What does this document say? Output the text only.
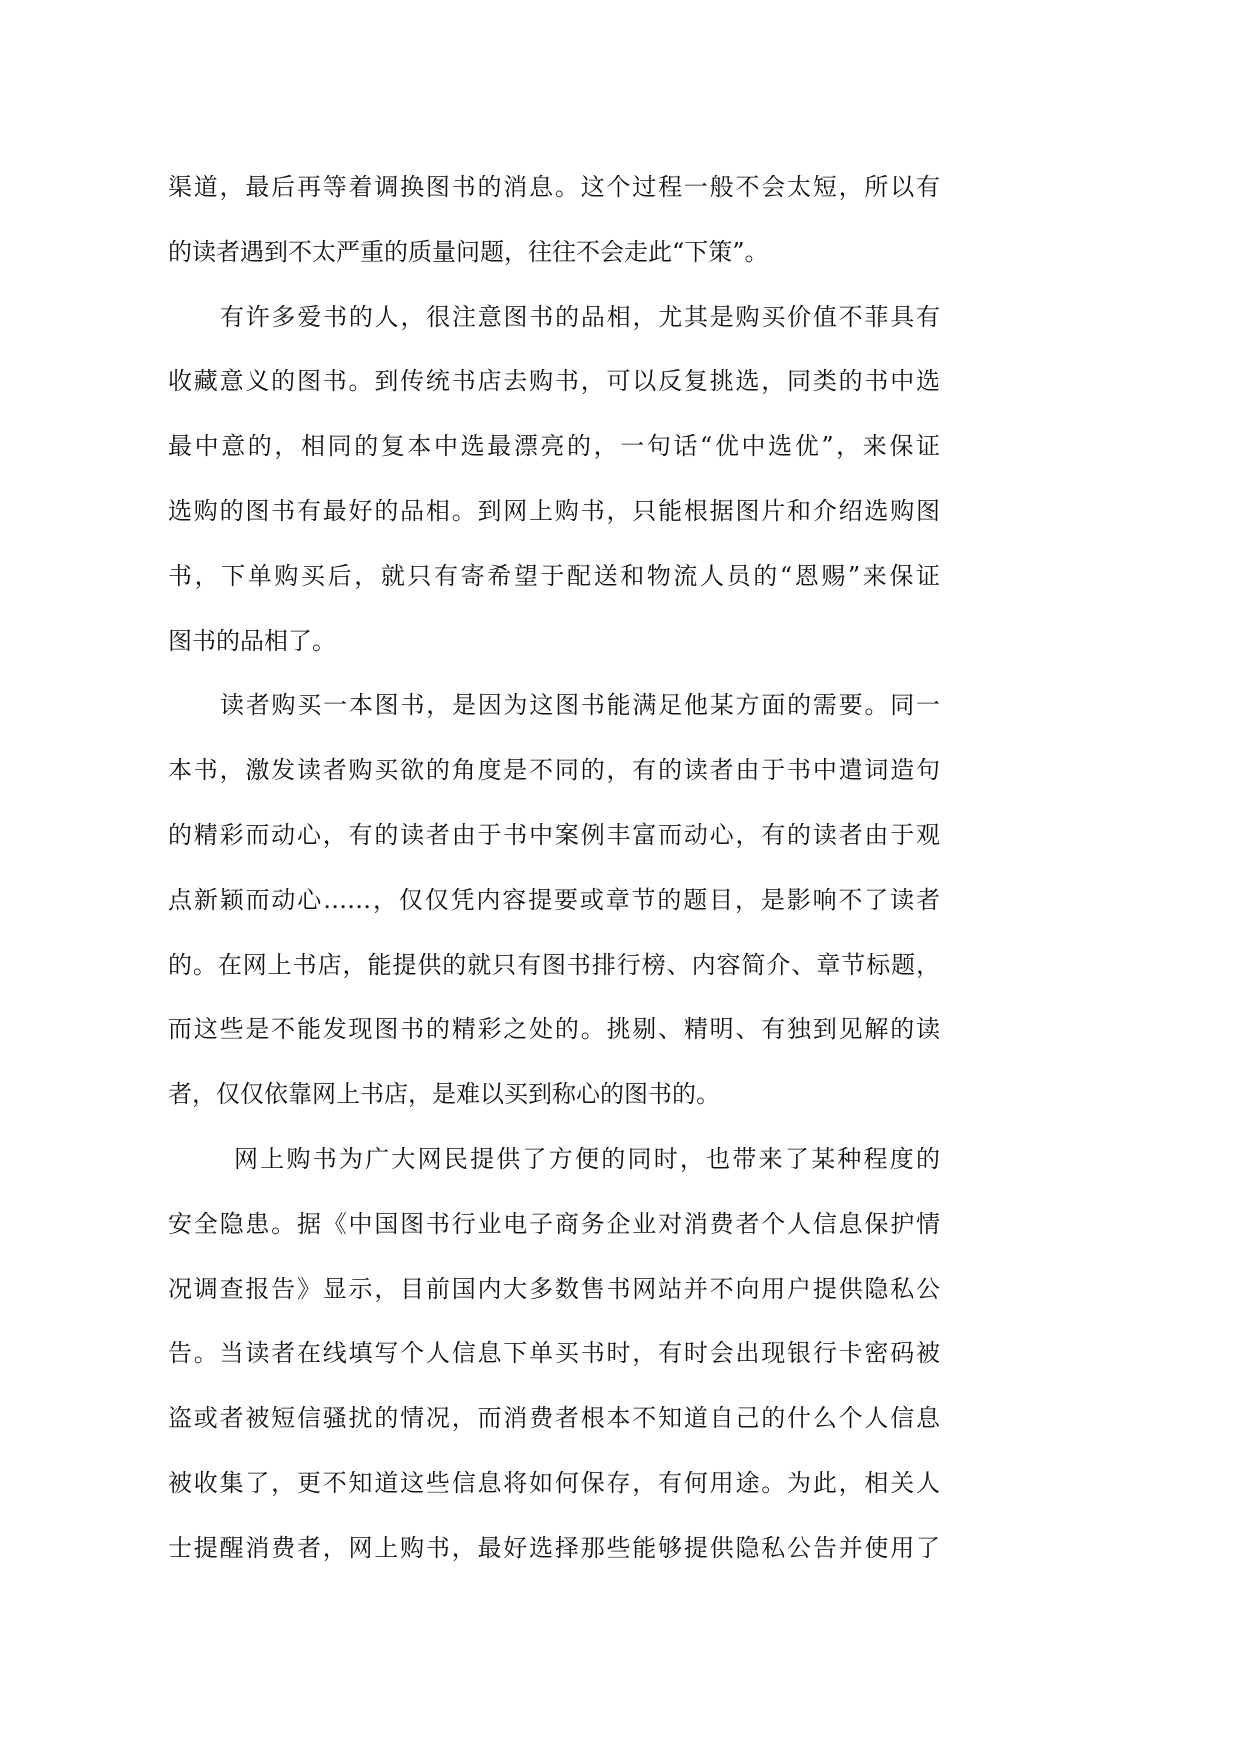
渠道，最后再等着调换图书的消息。这个过程一般不会太短，所以有
的读者遇到不太严重的质量问题，往往不会走此“下策”。
有许多爱书的人，很注意图书的品相，尤其是购买价值不菲具有
收藏意义的图书。到传统书店去购书，可以反复挑选，同类的书中选
最中意的，相同的复本中选最漂亮的，一句话“优中选优”，来保证
选购的图书有最好的品相。到网上购书，只能根据图片和介绍选购图
书，下单购买后，就只有寄希望于配送和物流人员的“恩赐”来保证
图书的品相了。
读者购买一本图书，是因为这图书能满足他某方面的需要。同一
本书，激发读者购买欲的角度是不同的，有的读者由于书中遣词造句
的精彩而动心，有的读者由于书中案例丰富而动心，有的读者由于观
点新颖而动心……，仅仅凭内容提要或章节的题目，是影响不了读者
的。在网上书店，能提供的就只有图书排行榜、内容简介、章节标题，
而这些是不能发现图书的精彩之处的。挑剔、精明、有独到见解的读
者，仅仅依靠网上书店，是难以买到称心的图书的。
网上购书为广大网民提供了方便的同时，也带来了某种程度的
安全隐患。据《中国图书行业电子商务企业对消费者个人信息保护情
况调查报告》显示，目前国内大多数售书网站并不向用户提供隐私公
告。当读者在线填写个人信息下单买书时，有时会出现银行卡密码被
盗或者被短信骚扰的情况，而消费者根本不知道自己的什么个人信息
被收集了，更不知道这些信息将如何保存，有何用途。为此，相关人
士提醒消费者，网上购书，最好选择那些能够提供隐私公告并使用了
